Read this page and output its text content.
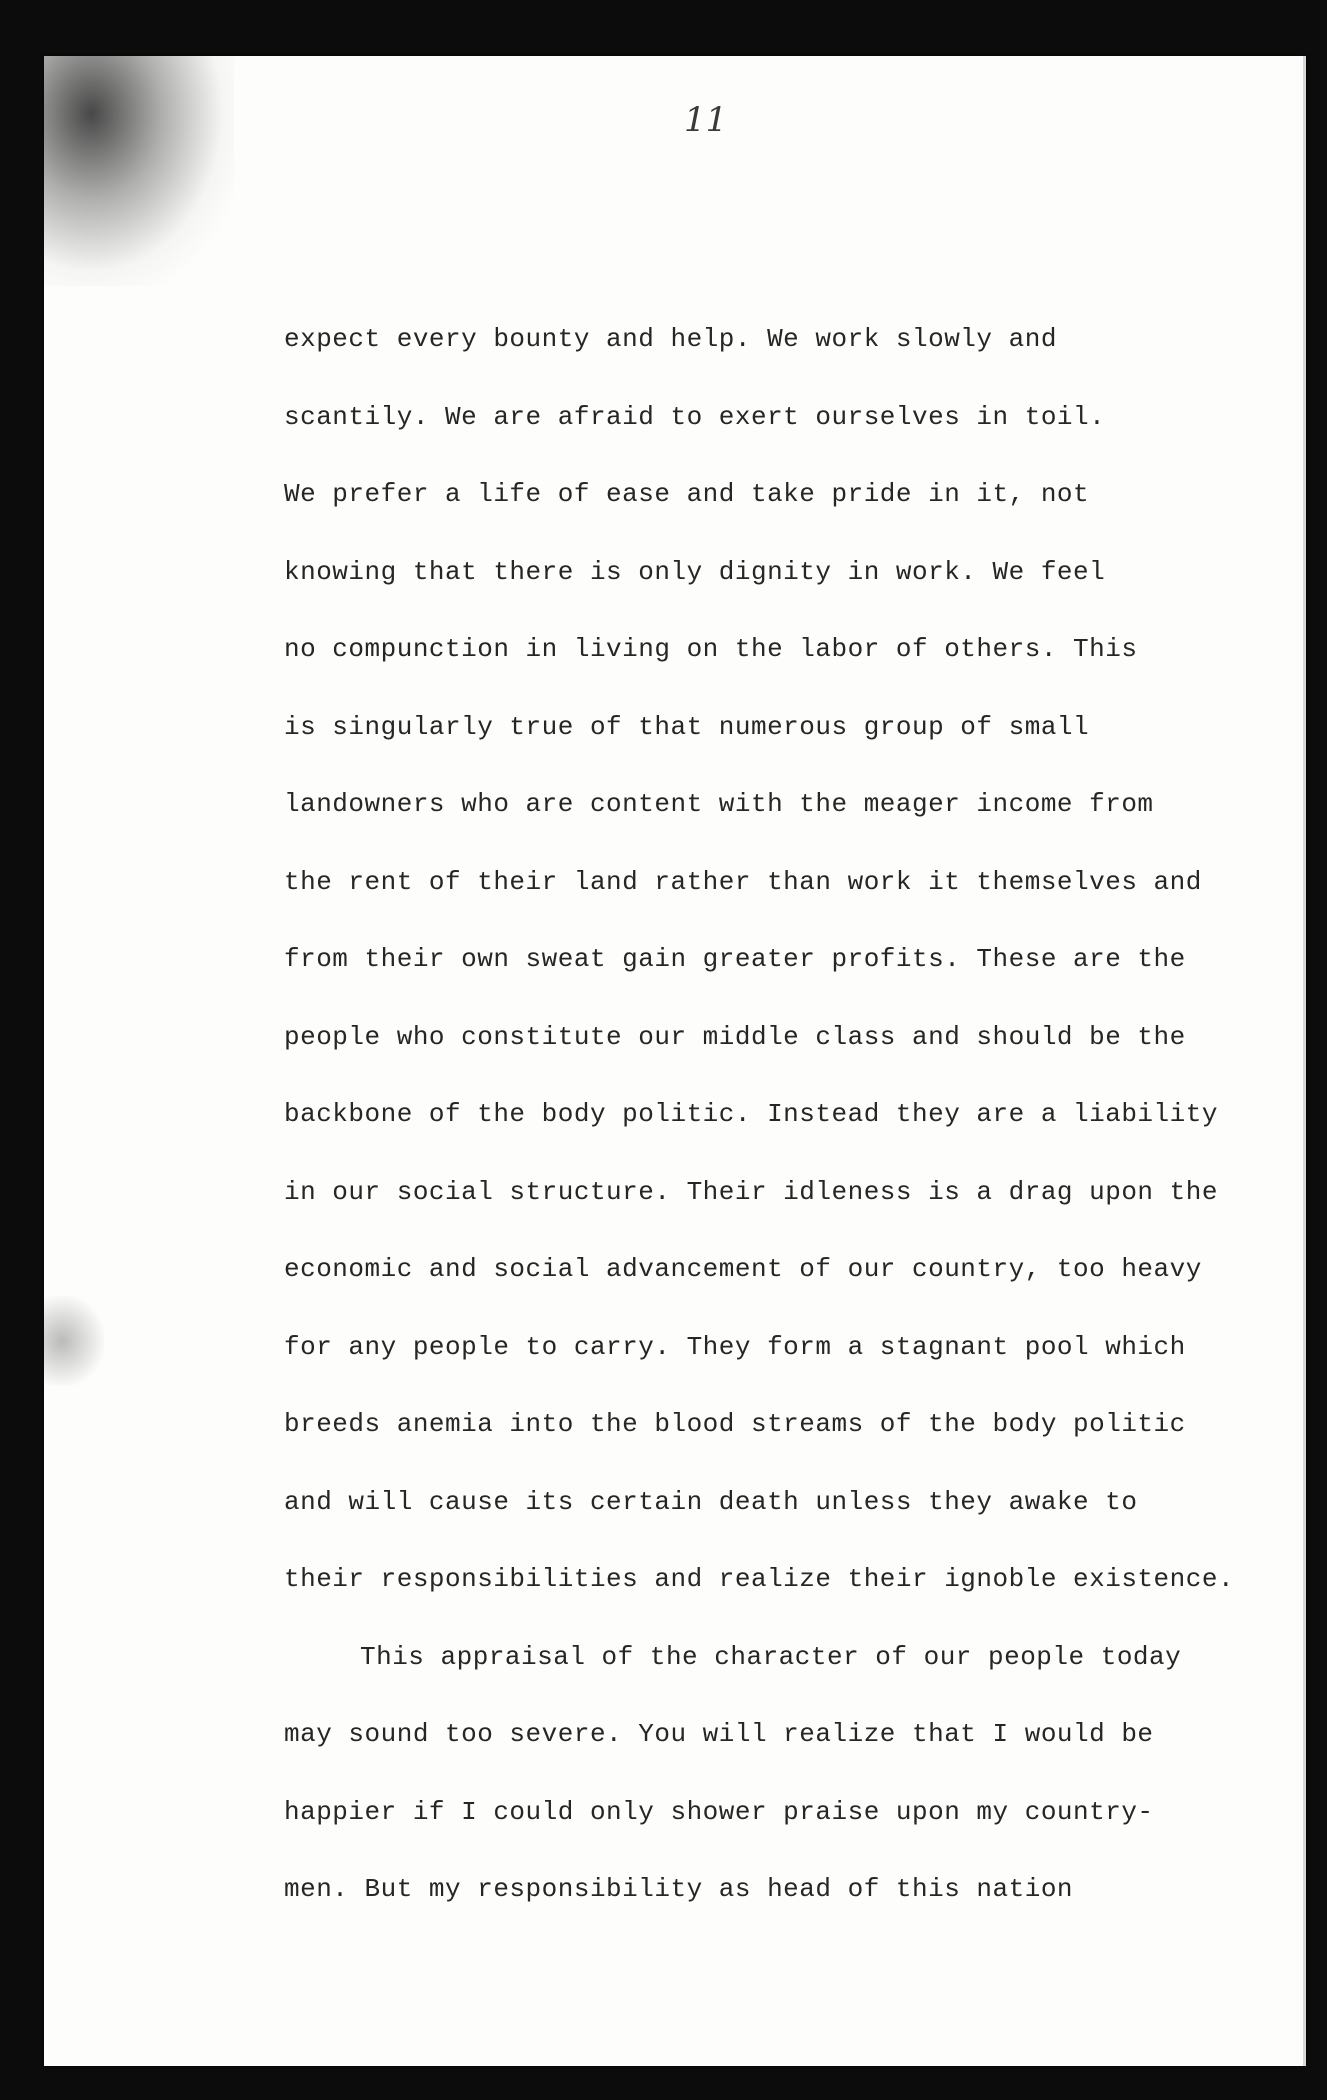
11
expect every bounty and help. We work slowly and
scantily. We are afraid to exert ourselves in toil.
We prefer a life of ease and take pride in it, not
knowing that there is only dignity in work. We feel
no compunction in living on the labor of others. This
is singularly true of that numerous group of small
landowners who are content with the meager income from
the rent of their land rather than work it themselves and
from their own sweat gain greater profits. These are the
people who constitute our middle class and should be the
backbone of the body politic. Instead they are a liability
in our social structure. Their idleness is a drag upon the
economic and social advancement of our country, too heavy
for any people to carry. They form a stagnant pool which
breeds anemia into the blood streams of the body politic
and will cause its certain death unless they awake to
their responsibilities and realize their ignoble existence.
This appraisal of the character of our people today
may sound too severe. You will realize that I would be
happier if I could only shower praise upon my country-
men. But my responsibility as head of this nation
